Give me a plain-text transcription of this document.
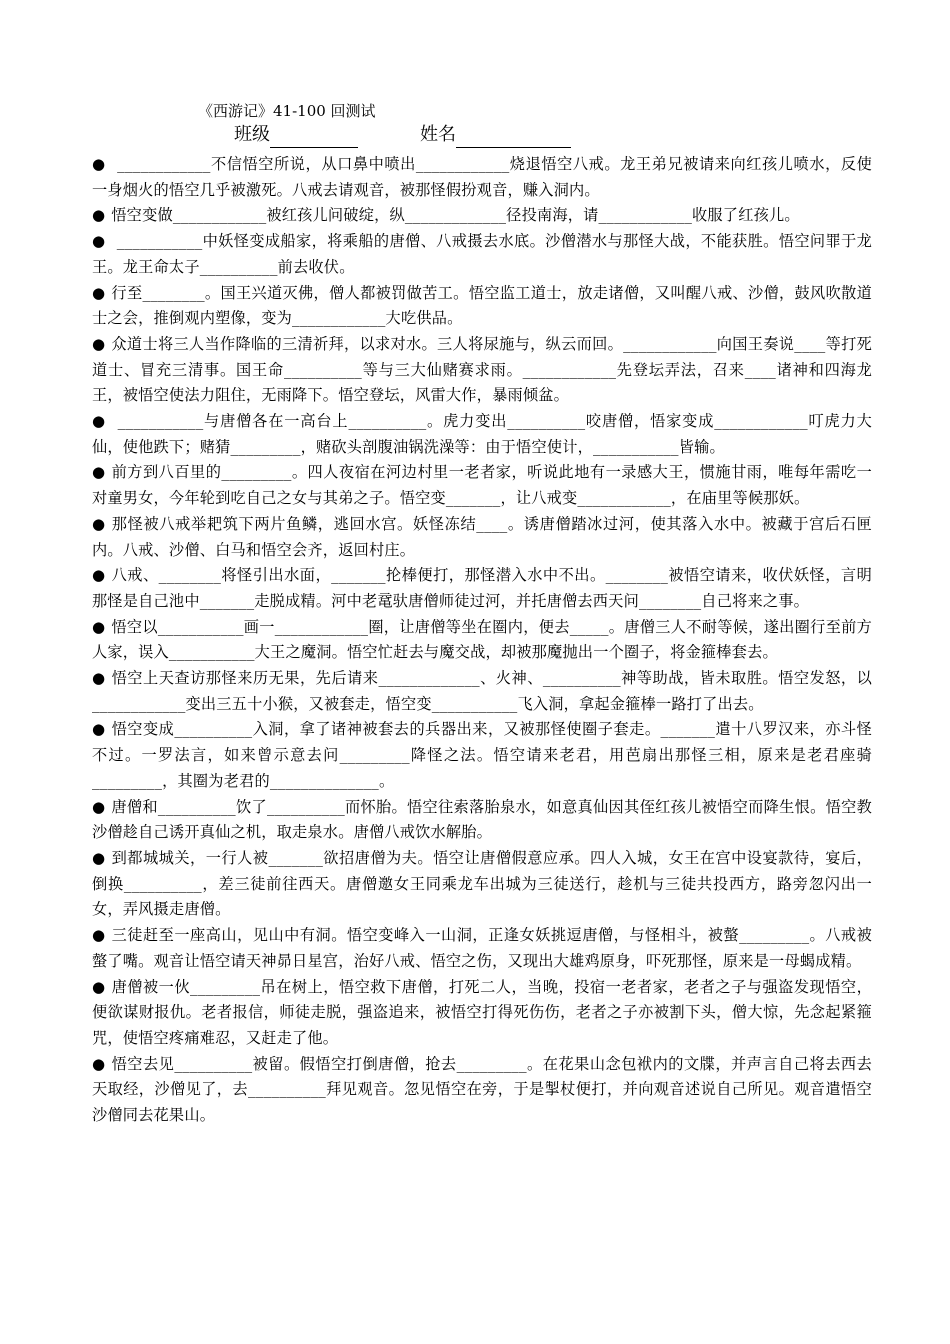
《西游记》41-100 回测试
班级	姓名

● ____________不信悟空所说，从口鼻中喷出____________烧退悟空八戒。龙王弟兄被请来向红孩儿喷水，反使一身烟火的悟空几乎被激死。八戒去请观音，被那怪假扮观音，赚入洞内。

● 悟空变做____________被红孩儿问破绽，纵_____________径投南海，请____________收服了红孩儿。

● ___________中妖怪变成船家，将乘船的唐僧、八戒摄去水底。沙僧潜水与那怪大战，不能获胜。悟空问罪于龙王。龙王命太子__________前去收伏。

● 行至________。国王兴道灭佛，僧人都被罚做苦工。悟空监工道士，放走诸僧，又叫醒八戒、沙僧，鼓风吹散道士之会，推倒观内塑像，变为____________大吃供品。

● 众道士将三人当作降临的三清祈拜，以求对水。三人将尿施与，纵云而回。____________向国王奏说____等打死道士、冒充三清事。国王命__________等与三大仙赌赛求雨。____________先登坛弄法，召来____诸神和四海龙王，被悟空使法力阻住，无雨降下。悟空登坛，风雷大作，暴雨倾盆。

● ___________与唐僧各在一高台上__________。虎力变出__________咬唐僧，悟家变成____________叮虎力大仙，使他跌下；赌猜_________，赌砍头剖腹油锅洗澡等：由于悟空使计，___________皆输。

● 前方到八百里的_________。四人夜宿在河边村里一老者家，听说此地有一录感大王，惯施甘雨，唯每年需吃一对童男女，今年轮到吃自己之女与其弟之子。悟空变_______，让八戒变____________，在庙里等候那妖。

● 那怪被八戒举耙筑下两片鱼鳞，逃回水宫。妖怪冻结____。诱唐僧踏冰过河，使其落入水中。被藏于宫后石匣内。八戒、沙僧、白马和悟空会齐，返回村庄。

● 八戒、________将怪引出水面，_______抡棒便打，那怪潜入水中不出。________被悟空请来，收伏妖怪，言明那怪是自己池中_______走脱成精。河中老鼋驮唐僧师徒过河，并托唐僧去西天问________自己将来之事。

● 悟空以___________画一____________圈，让唐僧等坐在圈内，便去_____。唐僧三人不耐等候，遂出圈行至前方人家，误入___________大王之魔洞。悟空忙赶去与魔交战，却被那魔抛出一个圈子，将金箍棒套去。

● 悟空上天查访那怪来历无果，先后请来_____________、火神、__________神等助战，皆未取胜。悟空发怒，以____________变出三五十小猴，又被套走，悟空变___________飞入洞，拿起金箍棒一路打了出去。

● 悟空变成__________入洞，拿了诸神被套去的兵器出来，又被那怪使圈子套走。_______遣十八罗汉来，亦斗怪不过。一罗法言，如来曾示意去问_________降怪之法。悟空请来老君，用芭扇出那怪三相，原来是老君座骑_________，其圈为老君的______________。

● 唐僧和__________饮了__________而怀胎。悟空往索落胎泉水，如意真仙因其侄红孩儿被悟空而降生恨。悟空教沙僧趁自己诱开真仙之机，取走泉水。唐僧八戒饮水解胎。

● 到都城城关，一行人被_______欲招唐僧为夫。悟空让唐僧假意应承。四人入城，女王在宫中设宴款待，宴后，倒换__________，差三徒前往西天。唐僧邀女王同乘龙车出城为三徒送行，趁机与三徒共投西方，路旁忽闪出一女，弄风摄走唐僧。

● 三徒赶至一座高山，见山中有洞。悟空变峰入一山洞，正逢女妖挑逗唐僧，与怪相斗，被螫_________。八戒被螫了嘴。观音让悟空请天神昴日星宫，治好八戒、悟空之伤，又现出大雄鸡原身，吓死那怪，原来是一母蝎成精。

● 唐僧被一伙_________吊在树上，悟空救下唐僧，打死二人，当晚，投宿一老者家，老者之子与强盗发现悟空，便欲谋财报仇。老者报信，师徒走脱，强盗追来，被悟空打得死伤伤，老者之子亦被割下头，僧大惊，先念起紧箍咒，使悟空疼痛难忍，又赶走了他。

● 悟空去见__________被留。假悟空打倒唐僧，抢去_________。在花果山念包袱内的文牒，并声言自己将去西去天取经，沙僧见了，去__________拜见观音。忽见悟空在旁，于是掣杖便打，并向观音述说自己所见。观音遣悟空沙僧同去花果山。
